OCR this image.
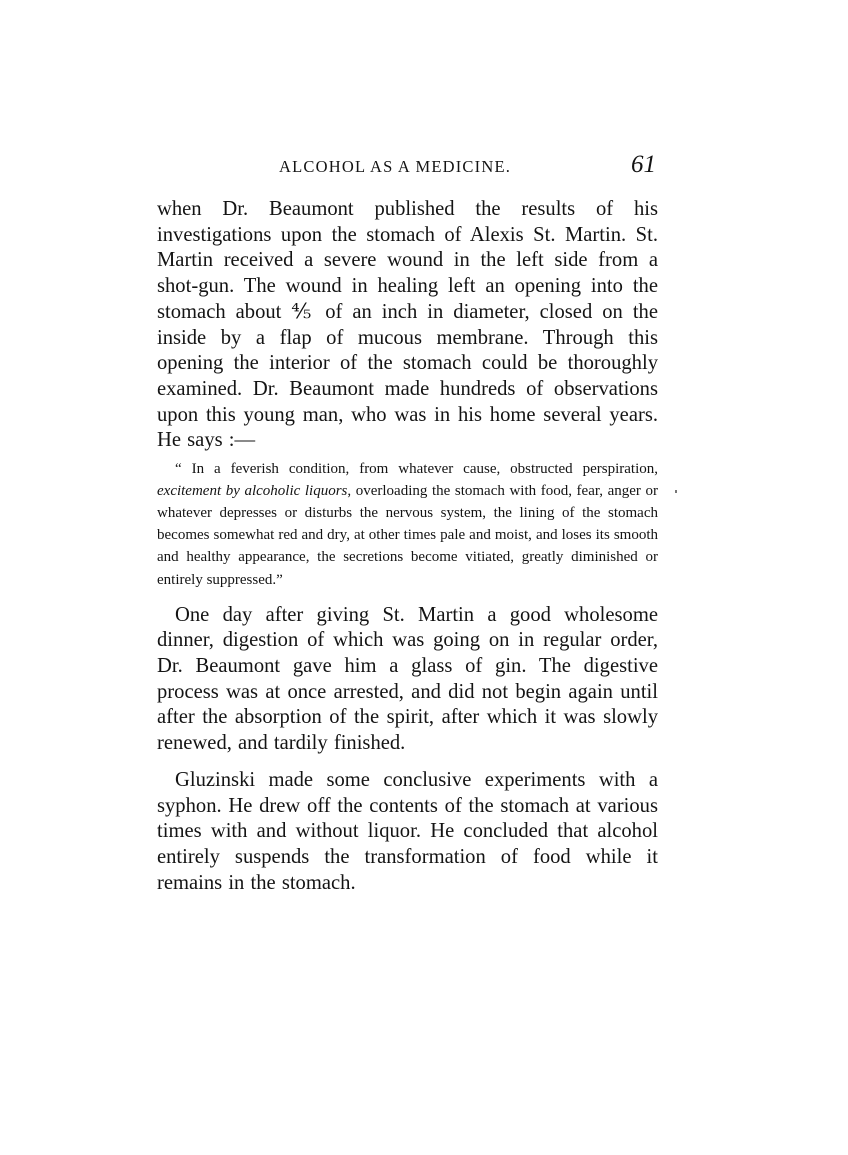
ALCOHOL AS A MEDICINE.	61

when Dr. Beaumont published the results of his investigations upon the stomach of Alexis St. Martin. St. Martin received a severe wound in the left side from a shot-gun. The wound in healing left an opening into the stomach about ⅘ of an inch in diameter, closed on the inside by a flap of mucous membrane. Through this opening the interior of the stomach could be thoroughly examined. Dr. Beaumont made hundreds of observations upon this young man, who was in his home several years. He says :—

“ In a feverish condition, from whatever cause, obstructed perspiration, excitement by alcoholic liquors, overloading the stomach with food, fear, anger or whatever depresses or disturbs the nervous system, the lining of the stomach becomes somewhat red and dry, at other times pale and moist, and loses its smooth and healthy appearance, the secretions become vitiated, greatly diminished or entirely suppressed.”

One day after giving St. Martin a good wholesome dinner, digestion of which was going on in regular order, Dr. Beaumont gave him a glass of gin. The digestive process was at once arrested, and did not begin again until after the absorption of the spirit, after which it was slowly renewed, and tardily finished.

Gluzinski made some conclusive experiments with a syphon. He drew off the contents of the stomach at various times with and without liquor. He concluded that alcohol entirely suspends the transformation of food while it remains in the stomach.
